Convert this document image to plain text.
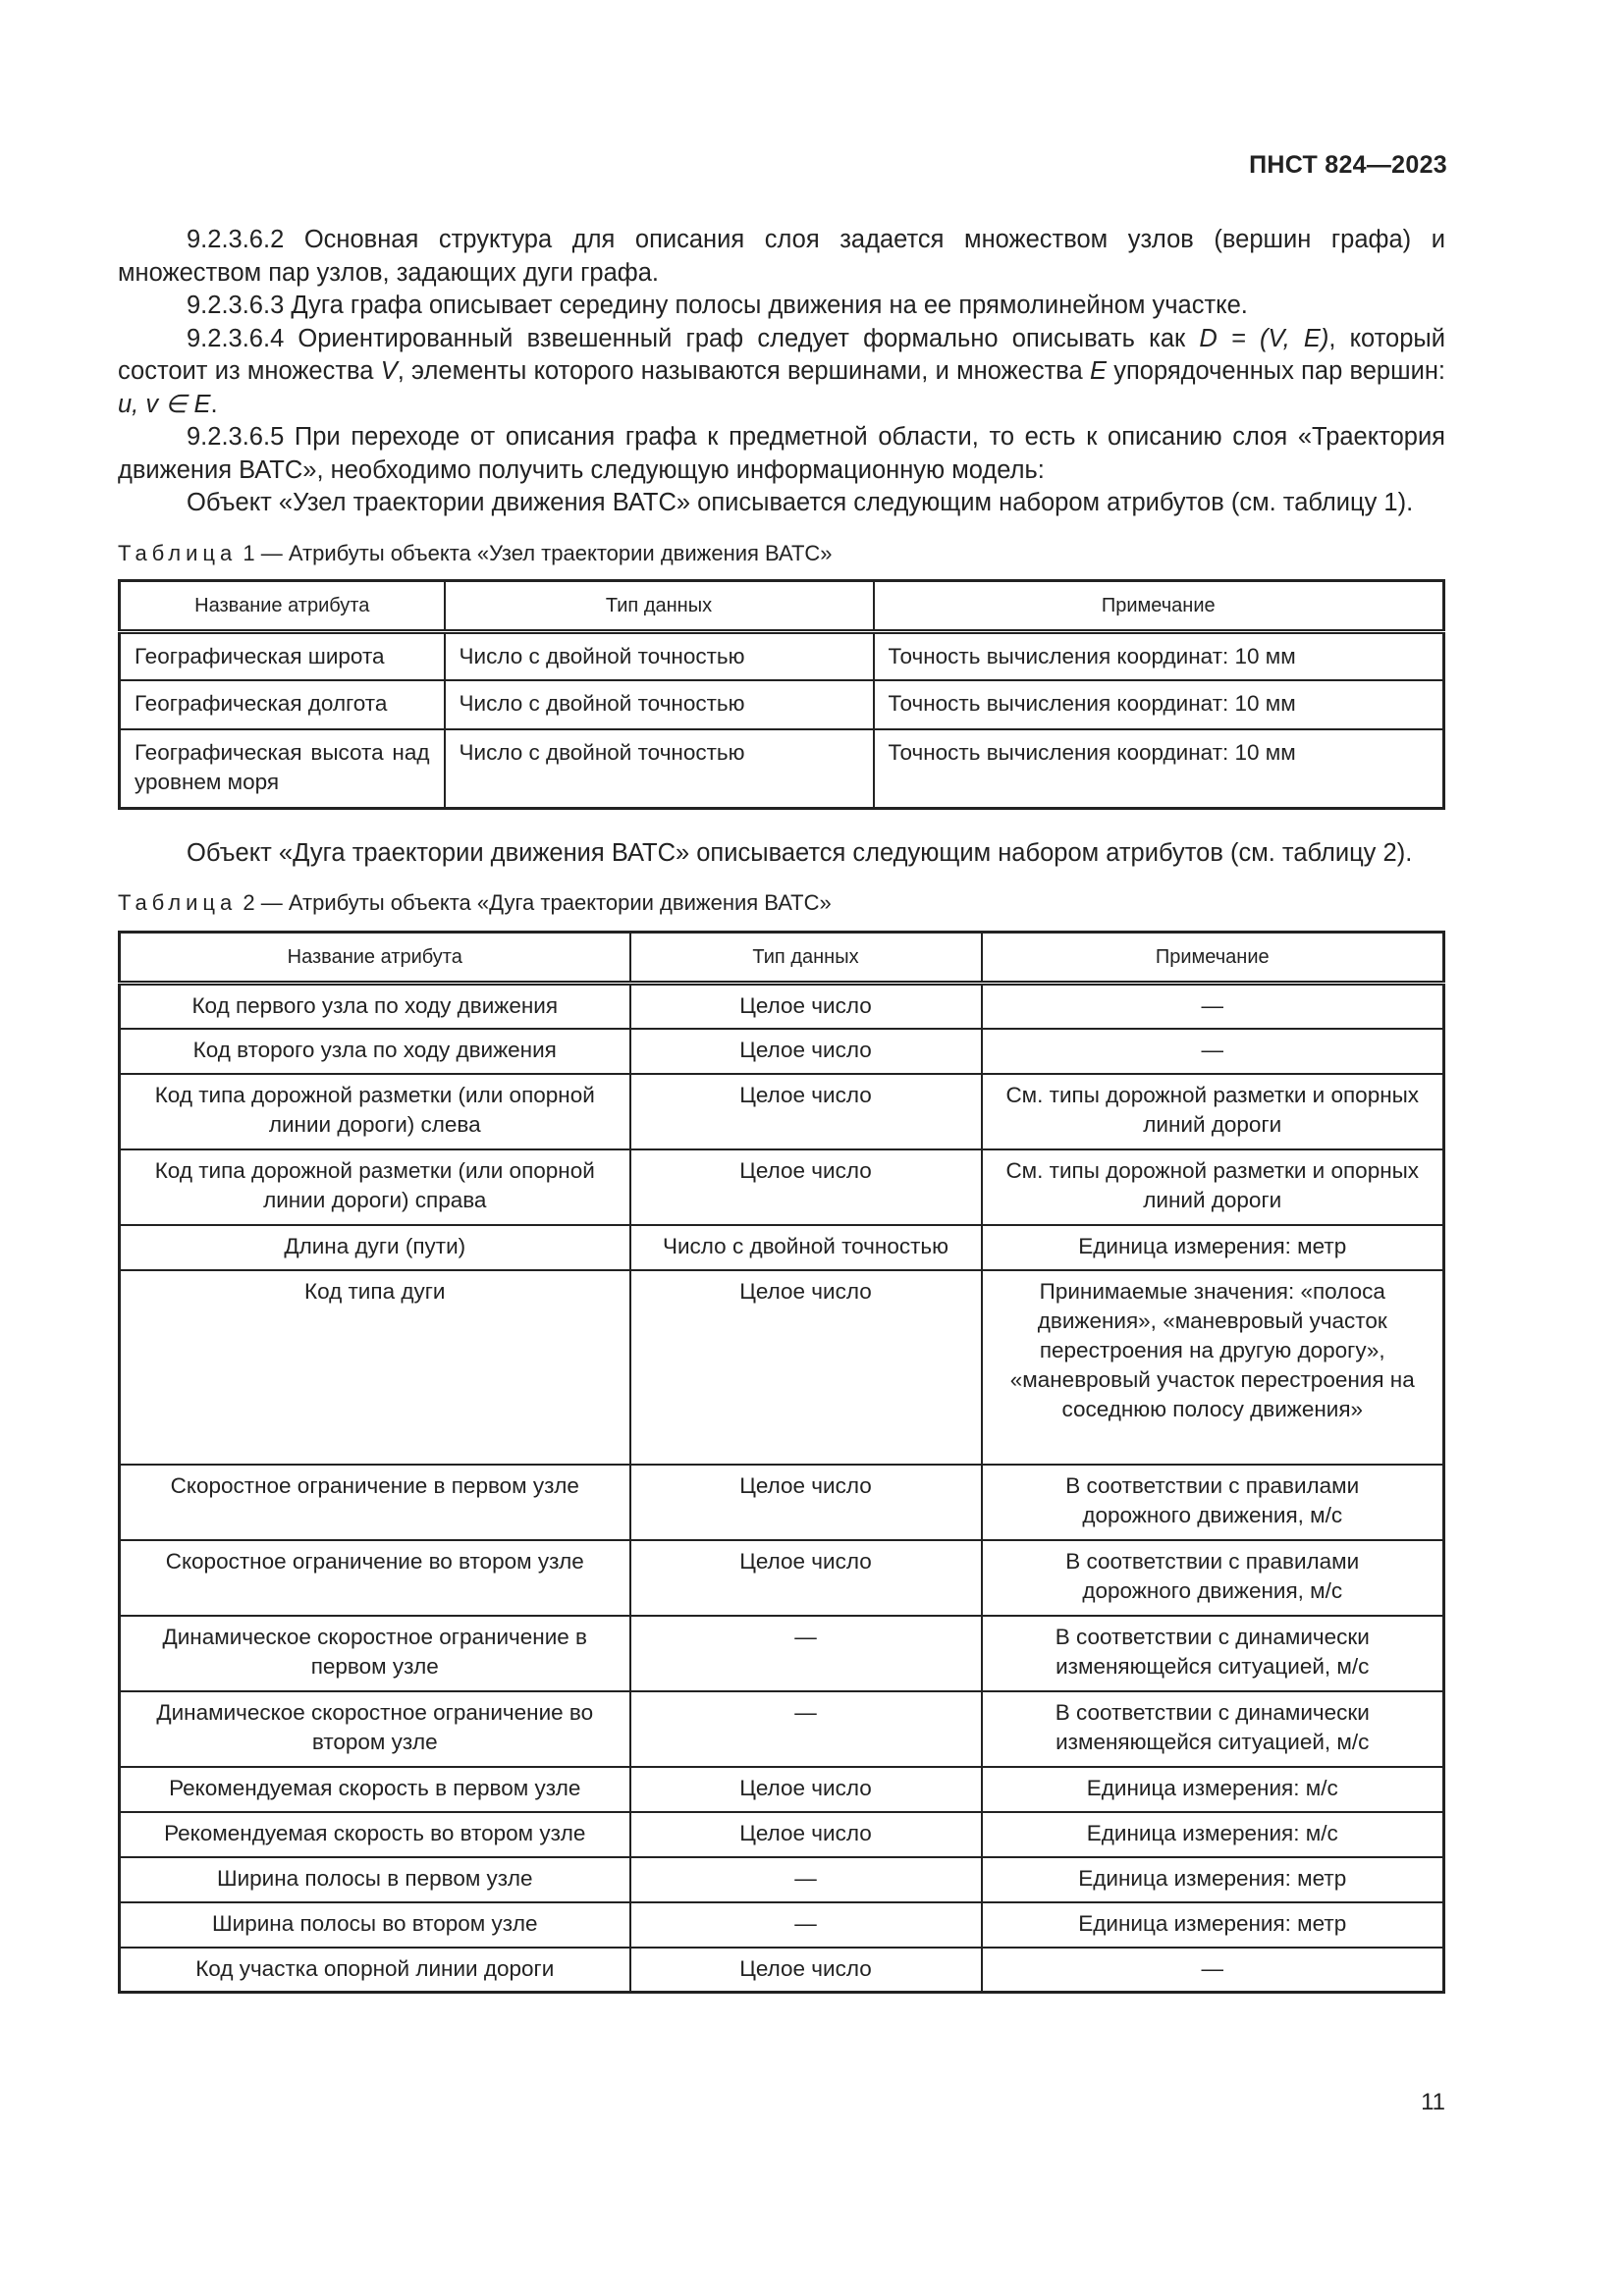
ПНСТ 824—2023

9.2.3.6.2 Основная структура для описания слоя задается множеством узлов (вершин графа) и множеством пар узлов, задающих дуги графа.

9.2.3.6.3 Дуга графа описывает середину полосы движения на ее прямолинейном участке.

9.2.3.6.4 Ориентированный взвешенный граф следует формально описывать как D = (V, E), который состоит из множества V, элементы которого называются вершинами, и множества E упорядоченных пар вершин: u, v ∈ E.

9.2.3.6.5 При переходе от описания графа к предметной области, то есть к описанию слоя «Траектория движения ВАТС», необходимо получить следующую информационную модель:

Объект «Узел траектории движения ВАТС» описывается следующим набором атрибутов (см. таблицу 1).

Таблица 1 — Атрибуты объекта «Узел траектории движения ВАТС»

Название атрибута	Тип данных	Примечание
Географическая широта	Число с двойной точностью	Точность вычисления координат: 10 мм
Географическая долгота	Число с двойной точностью	Точность вычисления координат: 10 мм
Географическая высота над уровнем моря	Число с двойной точностью	Точность вычисления координат: 10 мм

Объект «Дуга траектории движения ВАТС» описывается следующим набором атрибутов (см. таблицу 2).

Таблица 2 — Атрибуты объекта «Дуга траектории движения ВАТС»

Название атрибута	Тип данных	Примечание
Код первого узла по ходу движения	Целое число	—
Код второго узла по ходу движения	Целое число	—
Код типа дорожной разметки (или опорной линии дороги) слева	Целое число	См. типы дорожной разметки и опорных линий дороги
Код типа дорожной разметки (или опорной линии дороги) справа	Целое число	См. типы дорожной разметки и опорных линий дороги
Длина дуги (пути)	Число с двойной точностью	Единица измерения: метр
Код типа дуги	Целое число	Принимаемые значения: «полоса движения», «маневровый участок перестроения на другую дорогу», «маневровый участок перестроения на соседнюю полосу движения»
Скоростное ограничение в первом узле	Целое число	В соответствии с правилами дорожного движения, м/с
Скоростное ограничение во втором узле	Целое число	В соответствии с правилами дорожного движения, м/с
Динамическое скоростное ограничение в первом узле	—	В соответствии с динамически изменяющейся ситуацией, м/с
Динамическое скоростное ограничение во втором узле	—	В соответствии с динамически изменяющейся ситуацией, м/с
Рекомендуемая скорость в первом узле	Целое число	Единица измерения: м/с
Рекомендуемая скорость во втором узле	Целое число	Единица измерения: м/с
Ширина полосы в первом узле	—	Единица измерения: метр
Ширина полосы во втором узле	—	Единица измерения: метр
Код участка опорной линии дороги	Целое число	—
11
